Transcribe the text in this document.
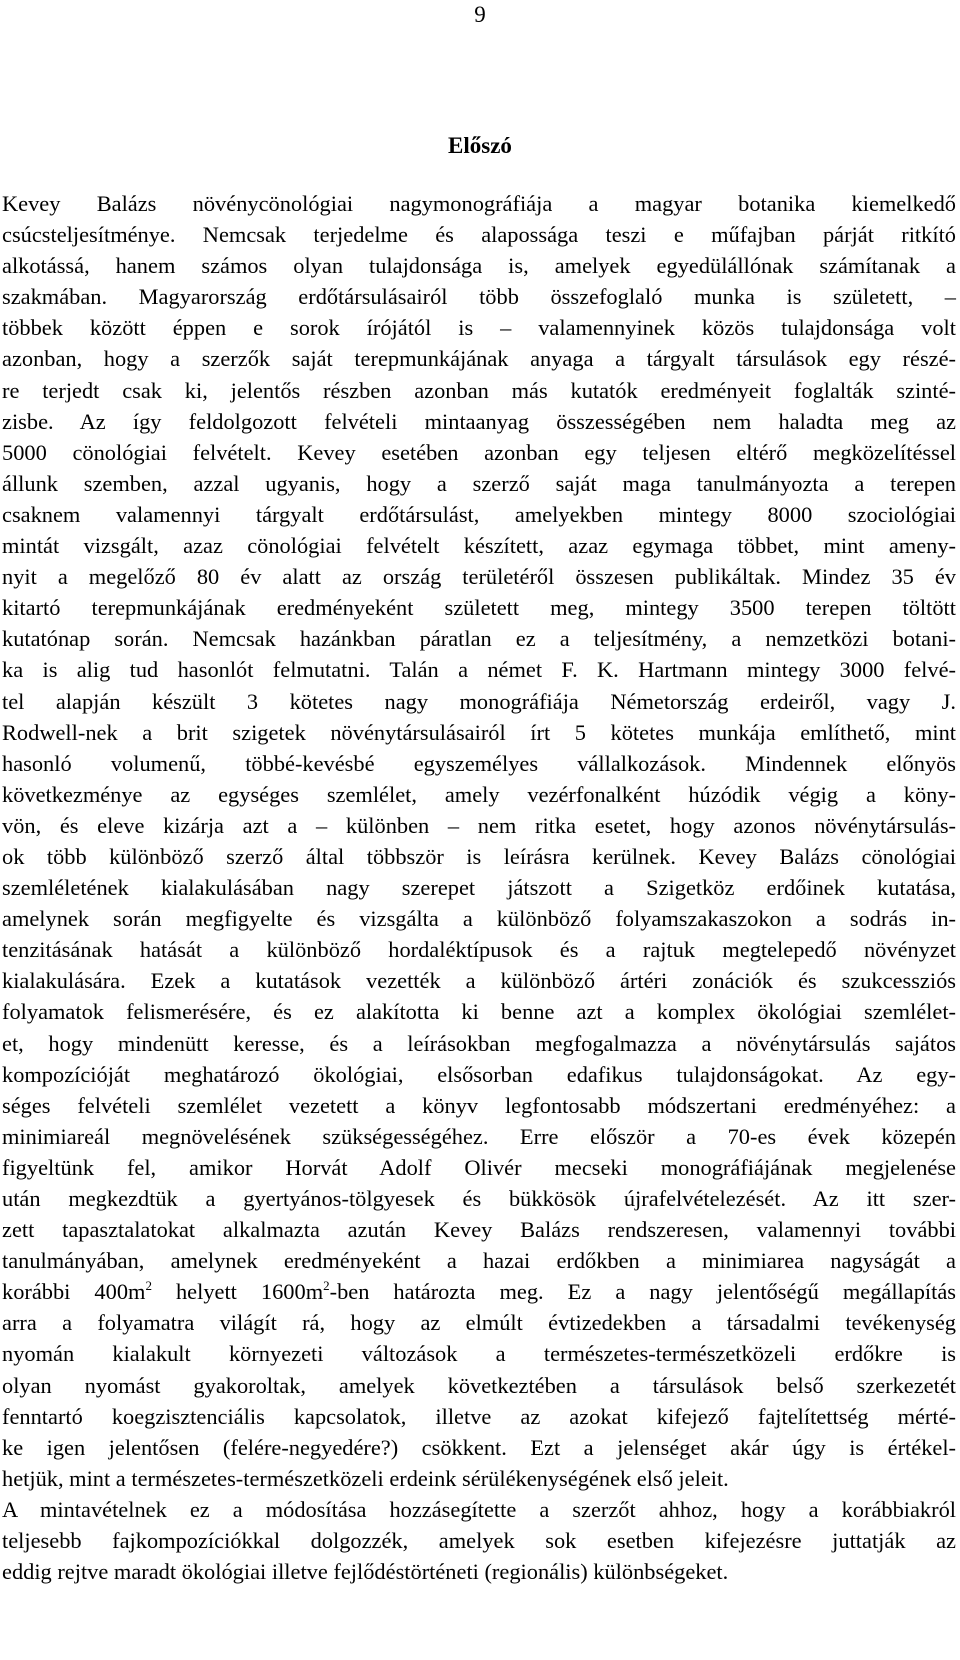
9
Előszó
Kevey Balázs növénycönológiai nagymonográfiája a magyar botanika kiemelkedő
csúcsteljesítménye. Nemcsak terjedelme és alapossága teszi e műfajban párját ritkító
alkotássá, hanem számos olyan tulajdonsága is, amelyek egyedülállónak számítanak a
szakmában. Magyarország erdőtársulásairól több összefoglaló munka is született, –
többek között éppen e sorok írójától is – valamennyinek közös tulajdonsága volt
azonban, hogy a szerzők saját terepmunkájának anyaga a tárgyalt társulások egy részé-
re terjedt csak ki, jelentős részben azonban más kutatók eredményeit foglalták szinté-
zisbe. Az így feldolgozott felvételi mintaanyag összességében nem haladta meg az
5000 cönológiai felvételt. Kevey esetében azonban egy teljesen eltérő megközelítéssel
állunk szemben, azzal ugyanis, hogy a szerző saját maga tanulmányozta a terepen
csaknem valamennyi tárgyalt erdőtársulást, amelyekben mintegy 8000 szociológiai
mintát vizsgált, azaz cönológiai felvételt készített, azaz egymaga többet, mint ameny-
nyit a megelőző 80 év alatt az ország területéről összesen publikáltak. Mindez 35 év
kitartó terepmunkájának eredményeként született meg, mintegy 3500 terepen töltött
kutatónap során. Nemcsak hazánkban páratlan ez a teljesítmény, a nemzetközi botani-
ka is alig tud hasonlót felmutatni. Talán a német F. K. Hartmann mintegy 3000 felvé-
tel alapján készült 3 kötetes nagy monográfiája Németország erdeiről, vagy J.
Rodwell-nek a brit szigetek növénytársulásairól írt 5 kötetes munkája említhető, mint
hasonló volumenű, többé-kevésbé egyszemélyes vállalkozások. Mindennek előnyös
következménye az egységes szemlélet, amely vezérfonalként húzódik végig a köny-
vön, és eleve kizárja azt a – különben – nem ritka esetet, hogy azonos növénytársulás-
ok több különböző szerző által többször is leírásra kerülnek. Kevey Balázs cönológiai
szemléletének kialakulásában nagy szerepet játszott a Szigetköz erdőinek kutatása,
amelynek során megfigyelte és vizsgálta a különböző folyamszakaszokon a sodrás in-
tenzitásának hatását a különböző hordaléktípusok és a rajtuk megtelepedő növényzet
kialakulására. Ezek a kutatások vezették a különböző ártéri zonációk és szukcessziós
folyamatok felismerésére, és ez alakította ki benne azt a komplex ökológiai szemlélet-
et, hogy mindenütt keresse, és a leírásokban megfogalmazza a növénytársulás sajátos
kompozícióját meghatározó ökológiai, elsősorban edafikus tulajdonságokat. Az egy-
séges felvételi szemlélet vezetett a könyv legfontosabb módszertani eredményéhez: a
minimiareál megnövelésének szükségességéhez. Erre először a 70-es évek közepén
figyeltünk fel, amikor Horvát Adolf Olivér mecseki monográfiájának megjelenése
után megkezdtük a gyertyános-tölgyesek és bükkösök újrafelvételezését. Az itt szer-
zett tapasztalatokat alkalmazta azután Kevey Balázs rendszeresen, valamennyi további
tanulmányában, amelynek eredményeként a hazai erdőkben a minimiarea nagyságát a
korábbi $400m^2$ helyett $1600m^2$-ben határozta meg. Ez a nagy jelentőségű megállapítás
arra a folyamatra világít rá, hogy az elmúlt évtizedekben a társadalmi tevékenység
nyomán kialakult környezeti változások a természetes-természetközeli erdőkre is
olyan nyomást gyakoroltak, amelyek következtében a társulások belső szerkezetét
fenntartó koegzisztenciális kapcsolatok, illetve az azokat kifejező fajtelítettség mérté-
ke igen jelentősen (felére-negyedére?) csökkent. Ezt a jelenséget akár úgy is értékel-
hetjük, mint a természetes-természetközeli erdeink sérülékenységének első jeleit.
A mintavételnek ez a módosítása hozzásegítette a szerzőt ahhoz, hogy a korábbiakról
teljesebb fajkompozíciókkal dolgozzék, amelyek sok esetben kifejezésre juttatják az
eddig rejtve maradt ökológiai illetve fejlődéstörténeti (regionális) különbségeket.
